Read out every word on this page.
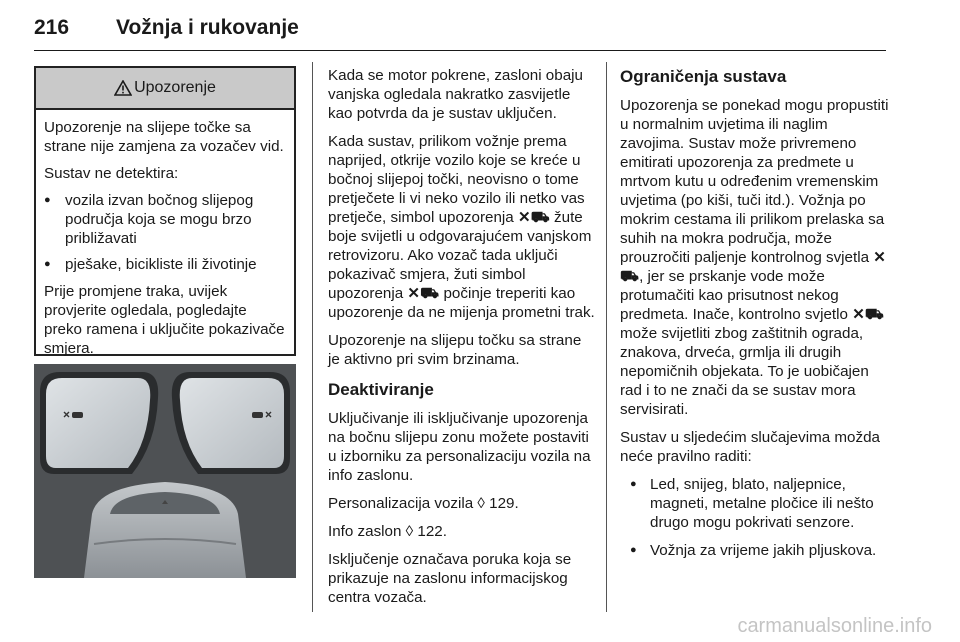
216 Vožnja i rukovanje
Upozorenje

Upozorenje na slijepe točke sa strane nije zamjena za vozačev vid.

Sustav ne detektira:

● vozila izvan bočnog slijepog područja koja se mogu brzo približavati
● pješake, bicikliste ili životinje

Prije promjene traka, uvijek provjerite ogledala, pogledajte preko ramena i uključite pokazivače smjera.

Kada se motor pokrene, zasloni obaju vanjska ogledala nakratko zasvijetle kao potvrda da je sustav uključen.

Kada sustav, prilikom vožnje prema naprijed, otkrije vozilo koje se kreće u bočnoj slijepoj točki, neovisno o tome pretječete li vi neko vozilo ili netko vas pretječe, simbol upozorenja ✕⛟ žute boje svijetli u odgovarajućem vanjskom retrovizoru. Ako vozač tada uključi pokazivač smjera, žuti simbol upozorenja ✕⛟ počinje treperiti kao upozorenje da ne mijenja prometni trak.

Upozorenje na slijepu točku sa strane je aktivno pri svim brzinama.

Deaktiviranje

Uključivanje ili isključivanje upozorenja na bočnu slijepu zonu možete postaviti u izborniku za personalizaciju vozila na info zaslonu.

Personalizacija vozila ◊ 129.

Info zaslon ◊ 122.

Isključenje označava poruka koja se prikazuje na zaslonu informacijskog centra vozača.

Ograničenja sustava

Upozorenja se ponekad mogu propustiti u normalnim uvjetima ili naglim zavojima. Sustav može privremeno emitirati upozorenja za predmete u mrtvom kutu u određenim vremenskim uvjetima (po kiši, tuči itd.). Vožnja po mokrim cestama ili prilikom prelaska sa suhih na mokra područja, može prouzročiti paljenje kontrolnog svjetla ✕⛟, jer se prskanje vode može protumačiti kao prisutnost nekog predmeta. Inače, kontrolno svjetlo ✕⛟ može svijetliti zbog zaštitnih ograda, znakova, drveća, grmlja ili drugih nepomičnih objekata. To je uobičajen rad i to ne znači da se sustav mora servisirati.

Sustav u sljedećim slučajevima možda neće pravilno raditi:

● Led, snijeg, blato, naljepnice, magneti, metalne pločice ili nešto drugo mogu pokrivati senzore.
● Vožnja za vrijeme jakih pljuskova.
carmanualsonline.info
